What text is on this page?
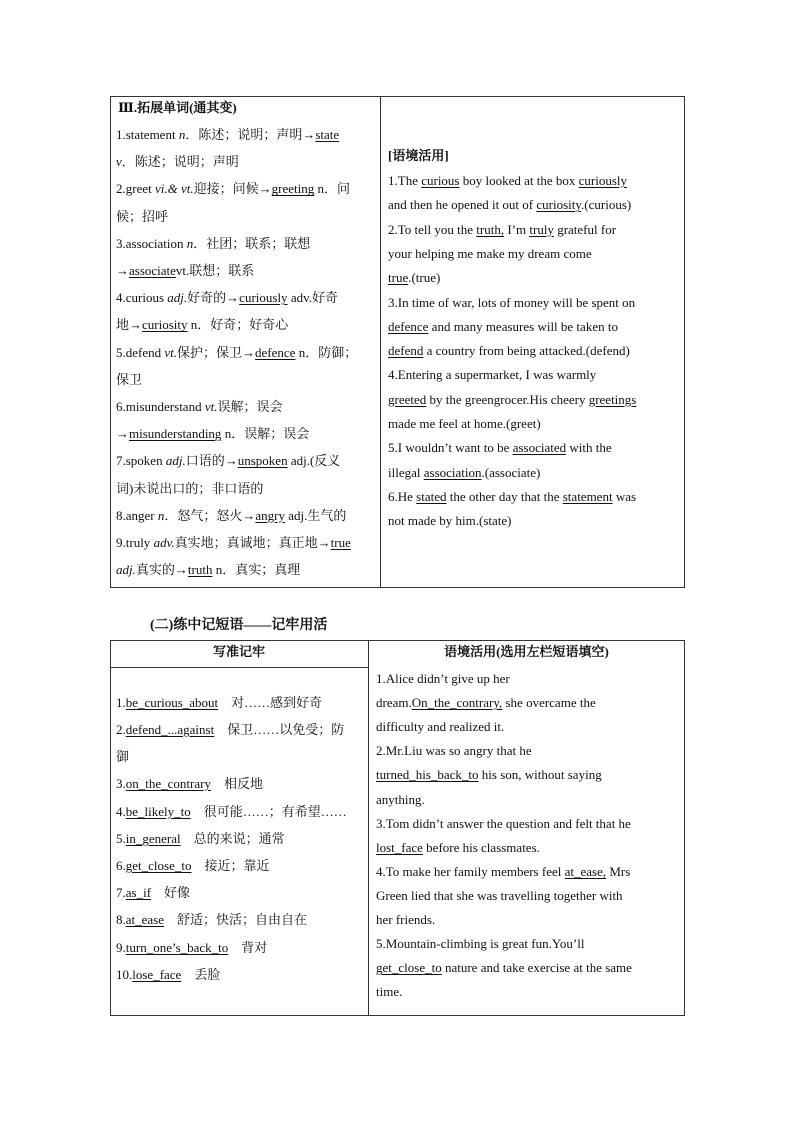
Ⅲ.拓展单词(通其变)
1.statement n．陈述；说明；声明→state
v．陈述；说明；声明
2.greet vi.& vt.迎接；问候→greeting n．问
候；招呼
3.association n．社团；联系；联想
→associatevt.联想；联系
4.curious adj.好奇的→curiously adv.好奇
地→curiosity n．好奇；好奇心
5.defend vt.保护；保卫→defence n．防御；
保卫
6.misunderstand vt.误解；误会
→misunderstanding n．误解；误会
7.spoken adj.口语的→unspoken adj.(反义
词)未说出口的；非口语的
8.anger n．怒气；怒火→angry adj.生气的
9.truly adv.真实地；真诚地；真正地→true
adj.真实的→truth n．真实；真理
[语境活用]
1.The curious boy looked at the box curiously
and then he opened it out of curiosity.(curious)
2.To tell you the truth, I’m truly grateful for
your helping me make my dream come
true.(true)
3.In time of war, lots of money will be spent on
defence and many measures will be taken to
defend a country from being attacked.(defend)
4.Entering a supermarket, I was warmly
greeted by the greengrocer.His cheery greetings
made me feel at home.(greet)
5.I wouldn’t want to be associated with the
illegal association.(associate)
6.He stated the other day that the statement was
not made by him.(state)
(二)练中记短语——记牢用活
写准记牢	语境活用(选用左栏短语填空)
1.be_curious_about　对……感到好奇
2.defend_...against　保卫……以免受；防
御
3.on_the_contrary　相反地
4.be_likely_to　很可能……；有希望……
5.in_general　总的来说；通常
6.get_close_to　接近；靠近
7.as_if　好像
8.at_ease　舒适；快活；自由自在
9.turn_one’s_back_to　背对
10.lose_face　丢脸
1.Alice didn’t give up her
dream.On_the_contrary, she overcame the
difficulty and realized it.
2.Mr.Liu was so angry that he
turned_his_back_to his son, without saying
anything.
3.Tom didn’t answer the question and felt that he
lost_face before his classmates.
4.To make her family members feel at_ease, Mrs
Green lied that she was travelling together with
her friends.
5.Mountain-climbing is great fun.You’ll
get_close_to nature and take exercise at the same
time.
